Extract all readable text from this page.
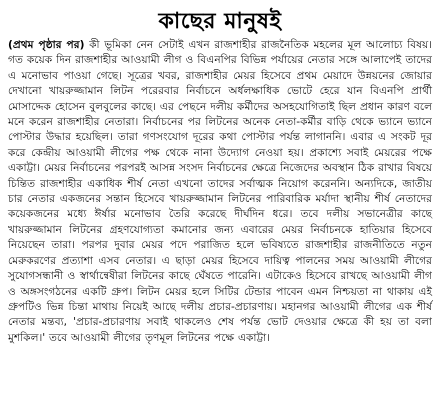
কাছের মানুষই

(প্রথম পৃষ্ঠার পর) কী ভূমিকা নেন সেটাই এখন রাজশাহীর রাজনৈতিক মহলের মূল আলোচ্য বিষয়। গত কয়েক দিন রাজশাহীর আওয়ামী লীগ ও বিএনপির বিভিন্ন পর্যায়ের নেতার সঙ্গে আলাপেই তাদের এ মনোভাব পাওয়া গেছে। সূত্রের খবর, রাজশাহীর মেয়র হিসেবে প্রথম মেয়াদে উন্নয়নের জোয়ার দেখানো খায়রুজ্জামান লিটন পরেরবার নির্বাচনে অর্ধলক্ষাধিক ভোটে হেরে যান বিএনপি প্রার্থী মোসাদ্দেক হোসেন বুলবুলের কাছে। এর পেছনে দলীয় কর্মীদের অসহযোগিতাই ছিল প্রধান কারণ বলে মনে করেন রাজশাহীর নেতারা। নির্বাচনের পর লিটনের অনেক নেতা-কর্মীর বাড়ি থেকে ভ্যানে ভ্যানে পোস্টার উদ্ধার হয়েছিল। তারা গণসংযোগ দূরের কথা পোস্টার পর্যন্ত লাগাননি। এবার এ সংকট দূর করে কেন্দ্রীয় আওয়ামী লীগের পক্ষ থেকে নানা উদ্যোগ নেওয়া হয়। প্রকাশ্যে সবাই মেয়রের পক্ষে একাট্টা। মেয়র নির্বাচনের পরপরই আসন্ন সংসদ নির্বাচনের ক্ষেত্রে নিজেদের অবস্থান ঠিক রাখার বিষয়ে চিন্তিত রাজশাহীর একাধিক শীর্ষ নেতা এখনো তাদের সর্বাত্মক নিয়োগ করেননি। অন্যদিকে, জাতীয় চার নেতার একজনের সন্তান হিসেবে খায়রুজ্জামান লিটনের পারিবারিক মর্যাদা স্থানীয় শীর্ষ নেতাদের কয়েকজনের মধ্যে ঈর্ষার মনোভাব তৈরি করেছে দীর্ঘদিন ধরে। তবে দলীয় সভানেত্রীর কাছে খায়রুজ্জামান লিটনের গ্রহণযোগ্যতা কমানোর জন্য এবারের মেয়র নির্বাচনকে হাতিয়ার হিসেবে নিয়েছেন তারা। পরপর দুবার মেয়র পদে পরাজিত হলে ভবিষ্যতে রাজশাহীর রাজনীতিতে নতুন মেরুকরণের প্রত্যাশা এসব নেতার। এ ছাড়া মেয়র হিসেবে দায়িত্ব পালনের সময় আওয়ামী লীগের সুযোগসন্ধানী ও স্বার্থান্বেষীরা লিটনের কাছে ঘেঁষতে পারেনি। এটাকেও হিসেবে রাখছে আওয়ামী লীগ ও অঙ্গসংগঠনের একটি গ্রুপ। লিটন মেয়র হলে সিটির টেন্ডার পাবেন এমন নিশ্চয়তা না থাকায় এই গ্রুপটিও ভিন্ন চিন্তা মাথায় নিয়েই আছে দলীয় প্রচার-প্রচারণায়। মহানগর আওয়ামী লীগের এক শীর্ষ নেতার মন্তব্য, 'প্রচার-প্রচারণায় সবাই থাকলেও শেষ পর্যন্ত ভোট দেওয়ার ক্ষেত্রে কী হয় তা বলা মুশকিল।' তবে আওয়ামী লীগের তৃণমূল লিটনের পক্ষে একাট্টা।
